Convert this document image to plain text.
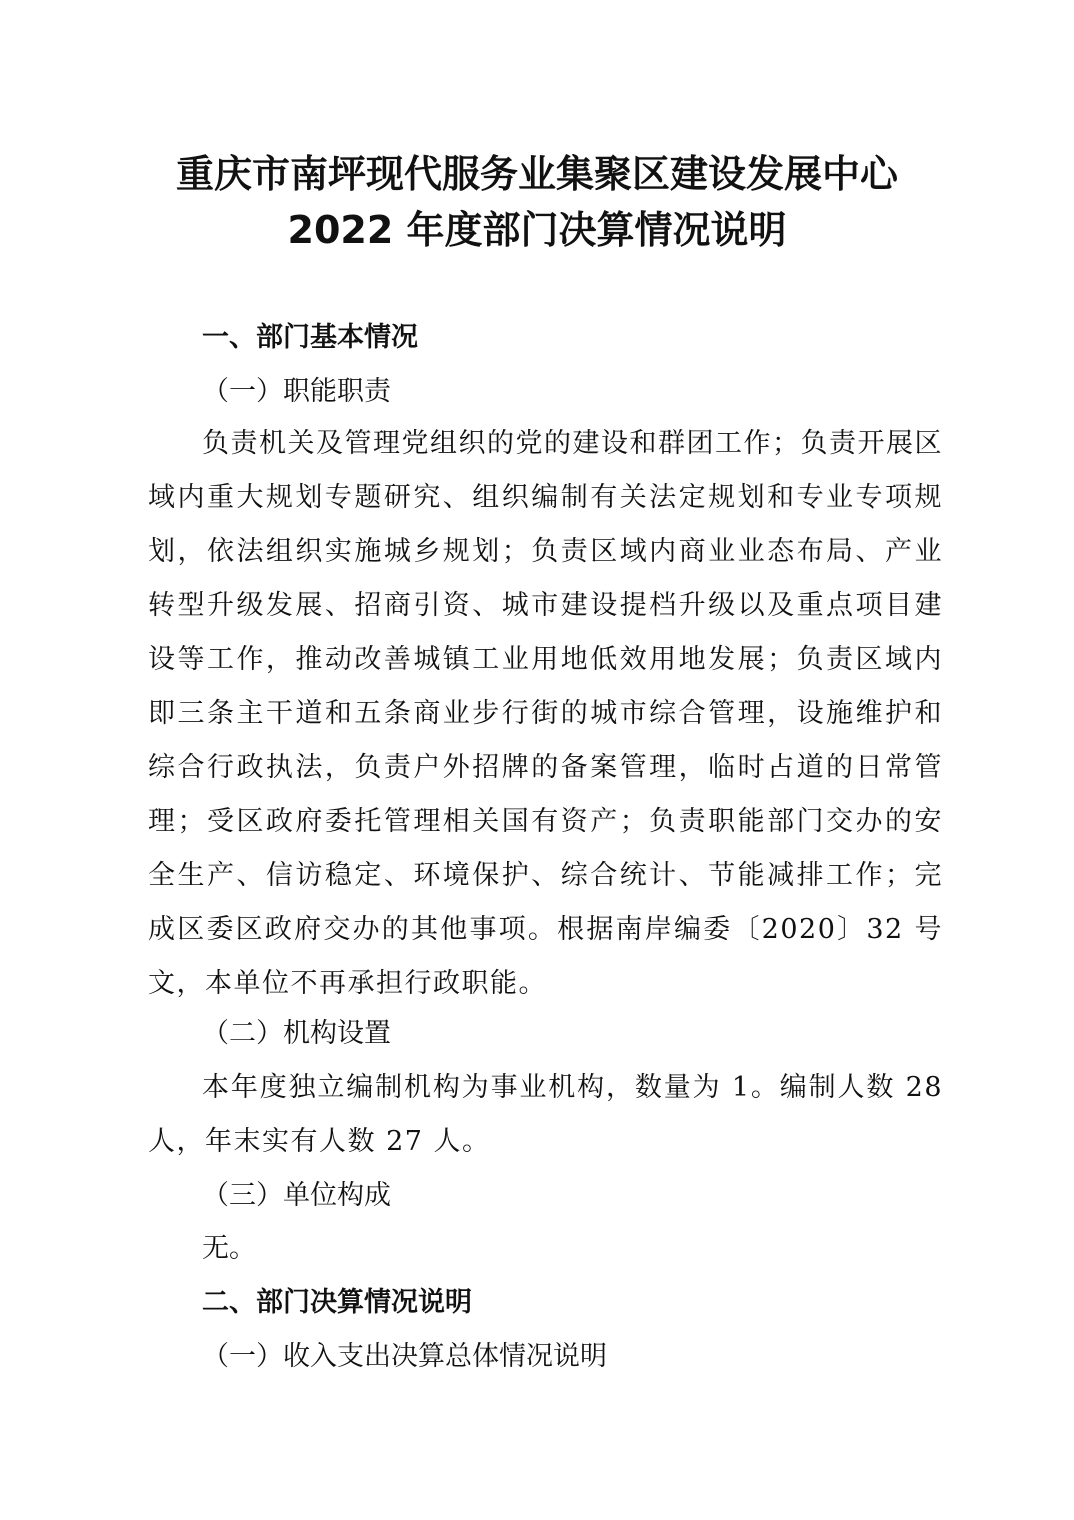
重庆市南坪现代服务业集聚区建设发展中心
2022 年度部门决算情况说明
一、部门基本情况
（一）职能职责
负责机关及管理党组织的党的建设和群团工作；负责开展区域内重大规划专题研究、组织编制有关法定规划和专业专项规划，依法组织实施城乡规划；负责区域内商业业态布局、产业转型升级发展、招商引资、城市建设提档升级以及重点项目建设等工作，推动改善城镇工业用地低效用地发展；负责区域内即三条主干道和五条商业步行街的城市综合管理，设施维护和综合行政执法，负责户外招牌的备案管理，临时占道的日常管理；受区政府委托管理相关国有资产；负责职能部门交办的安全生产、信访稳定、环境保护、综合统计、节能减排工作；完成区委区政府交办的其他事项。根据南岸编委〔2020〕32 号文，本单位不再承担行政职能。
（二）机构设置
本年度独立编制机构为事业机构，数量为 1。编制人数 28 人，年末实有人数 27 人。
（三）单位构成
无。
二、部门决算情况说明
（一）收入支出决算总体情况说明
